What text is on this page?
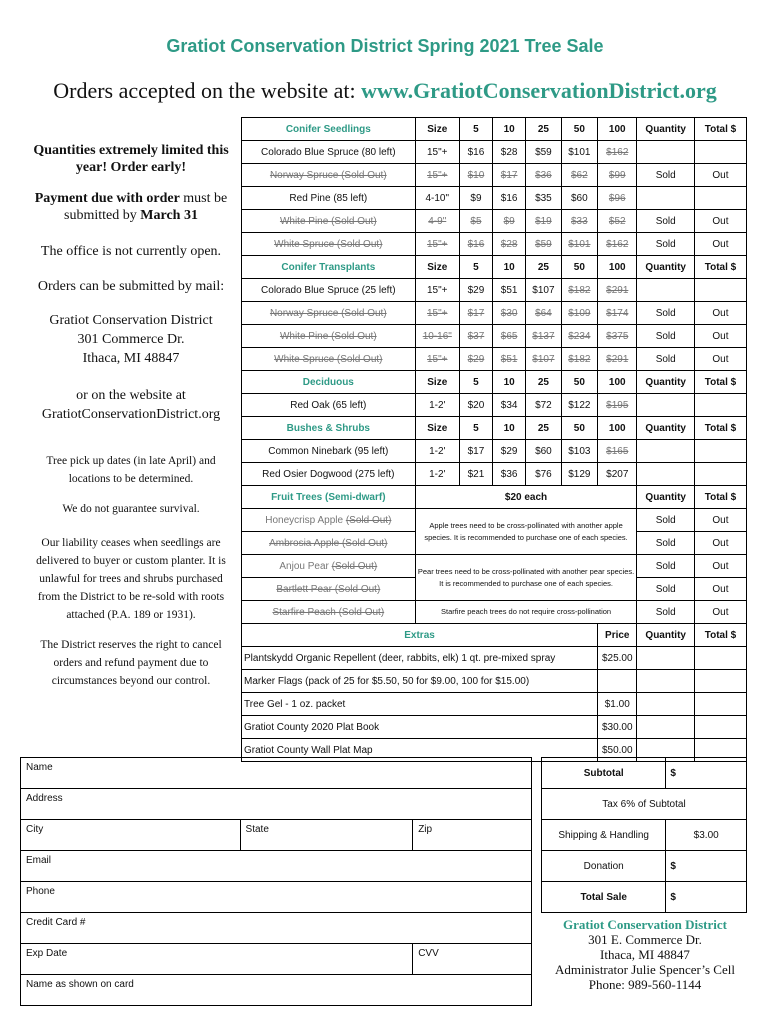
Gratiot Conservation District Spring 2021 Tree Sale
Orders accepted on the website at: www.GratiotConservationDistrict.org

Quantities extremely limited this year! Order early!

Payment due with order must be submitted by March 31

The office is not currently open.

Orders can be submitted by mail:

Gratiot Conservation District
301 Commerce Dr.
Ithaca, MI 48847

or on the website at
GratiotConservationDistrict.org

Tree pick up dates (in late April) and locations to be determined.

We do not guarantee survival.

Our liability ceases when seedlings are delivered to buyer or custom planter. It is unlawful for trees and shrubs purchased from the District to be re-sold with roots attached (P.A. 189 or 1931).

The District reserves the right to cancel orders and refund payment due to circumstances beyond our control.

Conifer Seedlings	Size	5	10	25	50	100	Quantity	Total $
Colorado Blue Spruce (80 left)	15"+	$16	$28	$59	$101	$162		
Norway Spruce (Sold Out)	15"+	$10	$17	$36	$62	$99	Sold	Out
Red Pine (85 left)	4-10"	$9	$16	$35	$60	$96		
White Pine (Sold Out)	4-9"	$5	$9	$19	$33	$52	Sold	Out
White Spruce (Sold Out)	15"+	$16	$28	$59	$101	$162	Sold	Out
Conifer Transplants	Size	5	10	25	50	100	Quantity	Total $
Colorado Blue Spruce (25 left)	15"+	$29	$51	$107	$182	$291		
Norway Spruce (Sold Out)	15"+	$17	$30	$64	$109	$174	Sold	Out
White Pine (Sold Out)	10-16"	$37	$65	$137	$234	$375	Sold	Out
White Spruce (Sold Out)	15"+	$29	$51	$107	$182	$291	Sold	Out
Deciduous	Size	5	10	25	50	100	Quantity	Total $
Red Oak (65 left)	1-2'	$20	$34	$72	$122	$195		
Bushes & Shrubs	Size	5	10	25	50	100	Quantity	Total $
Common Ninebark (95 left)	1-2'	$17	$29	$60	$103	$165		
Red Osier Dogwood (275 left)	1-2'	$21	$36	$76	$129	$207		
Fruit Trees (Semi-dwarf)	$20 each						Quantity	Total $
Honeycrisp Apple (Sold Out)	Apple trees need to be cross-pollinated with another apple species. It is recommended to purchase one of each species.						Sold	Out
Ambrosia Apple (Sold Out)							Sold	Out
Anjou Pear (Sold Out)	Pear trees need to be cross-pollinated with another pear species. It is recommended to purchase one of each species.						Sold	Out
Bartlett Pear (Sold Out)							Sold	Out
Starfire Peach (Sold Out)	Starfire peach trees do not require cross-pollination						Sold	Out
Extras						Price	Quantity	Total $
Plantskydd Organic Repellent (deer, rabbits, elk) 1 qt. pre-mixed spray						$25.00		
Marker Flags (pack of 25 for $5.50, 50 for $9.00, 100 for $15.00)								
Tree Gel - 1 oz. packet						$1.00		
Gratiot County 2020 Plat Book						$30.00		
Gratiot County Wall Plat Map						$50.00		
Name		
Address		
City	State	Zip
Email		
Phone		
Credit Card #		
Exp Date		CVV
Name as shown on card		
Subtotal	$
Tax 6% of Subtotal	
Shipping & Handling	$3.00
Donation	$
Total Sale	$
Gratiot Conservation District
301 E. Commerce Dr.
Ithaca, MI 48847
Administrator Julie Spencer’s Cell
Phone: 989-560-1144
